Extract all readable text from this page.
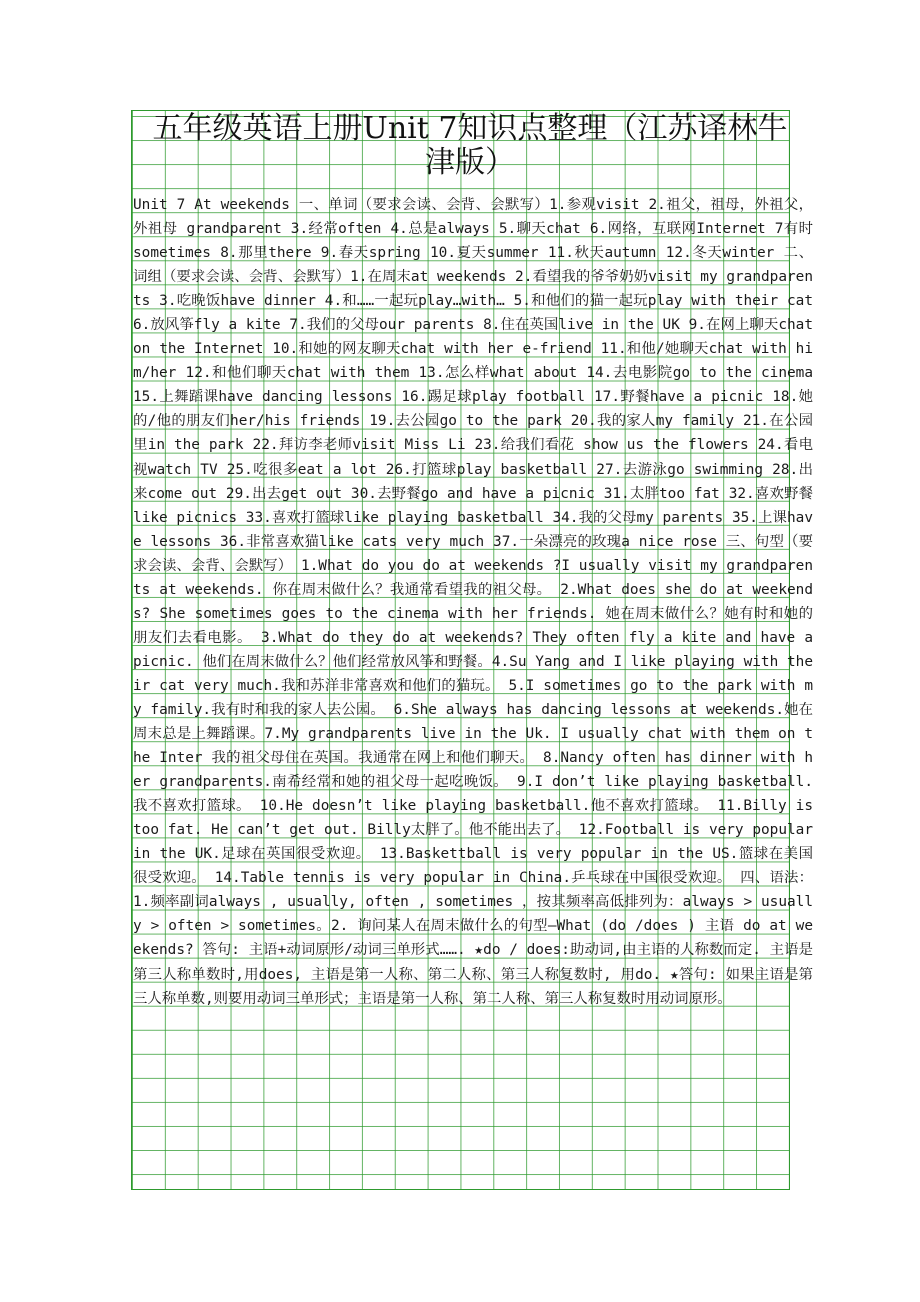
五年级英语上册Unit 7知识点整理（江苏译林牛津版）
Unit 7 At weekends 一、单词（要求会读、会背、会默写）1.参观visit 2.祖父，祖母，外祖父，外祖母 grandparent 3.经常often 4.总是always 5.聊天chat 6.网络，互联网Internet 7有时 sometimes 8.那里there 9.春天spring 10.夏天summer 11.秋天autumn 12.冬天winter 二、词组（要求会读、会背、会默写）1.在周末at weekends 2.看望我的爷爷奶奶visit my grandparents 3.吃晚饭have dinner 4.和……一起玩play…with… 5.和他们的猫一起玩play with their cat 6.放风筝fly a kite 7.我们的父母our parents 8.住在英国live in the UK 9.在网上聊天chat on the Internet 10.和她的网友聊天chat with her e-friend 11.和他/她聊天chat with him/her 12.和他们聊天chat with them 13.怎么样what about 14.去电影院go to the cinema 15.上舞蹈课have dancing lessons 16.踢足球play football 17.野餐have a picnic 18.她的/他的朋友们her/his friends 19.去公园go to the park 20.我的家人my family 21.在公园里in the park 22.拜访李老师visit Miss Li 23.给我们看花 show us the flowers 24.看电视watch TV 25.吃很多eat a lot 26.打篮球play basketball 27.去游泳go swimming 28.出来come out 29.出去get out 30.去野餐go and have a picnic 31.太胖too fat 32.喜欢野餐like picnics 33.喜欢打篮球like playing basketball 34.我的父母my parents 35.上课have lessons 36.非常喜欢猫like cats very much 37.一朵漂亮的玫瑰a nice rose 三、句型（要求会读、会背、会默写） 1.What do you do at weekends ?I usually visit my grandparents at weekends. 你在周末做什么？我通常看望我的祖父母。 2.What does she do at weekends? She sometimes goes to the cinema with her friends. 她在周末做什么？她有时和她的朋友们去看电影。 3.What do they do at weekends? They often fly a kite and have a picnic. 他们在周末做什么？他们经常放风筝和野餐。4.Su Yang and I like playing with their cat very much.我和苏洋非常喜欢和他们的猫玩。 5.I sometimes go to the park with my family.我有时和我的家人去公园。 6.She always has dancing lessons at weekends.她在周末总是上舞蹈课。7.My grandparents live in the Uk. I usually chat with them on the Inter 我的祖父母住在英国。我通常在网上和他们聊天。 8.Nancy often has dinner with her grandparents.南希经常和她的祖父母一起吃晚饭。 9.I don’t like playing basketball.我不喜欢打篮球。 10.He doesn’t like playing basketball.他不喜欢打篮球。 11.Billy is too fat. He can’t get out. Billy太胖了。他不能出去了。 12.Football is very popular in the UK.足球在英国很受欢迎。 13.Baskettball is very popular in the US.篮球在美国很受欢迎。 14.Table tennis is very popular in China.乒乓球在中国很受欢迎。 四、语法：1.频率副词always , usually, often , sometimes ，按其频率高低排列为：always > usually > often > sometimes。2. 询问某人在周末做什么的句型—What (do /does ) 主语 do at weekends? 答句: 主语+动词原形/动词三单形式……. ★do / does:助动词,由主语的人称数而定. 主语是第三人称单数时,用does, 主语是第一人称、第二人称、第三人称复数时, 用do. ★答句: 如果主语是第三人称单数,则要用动词三单形式；主语是第一人称、第二人称、第三人称复数时用动词原形。
